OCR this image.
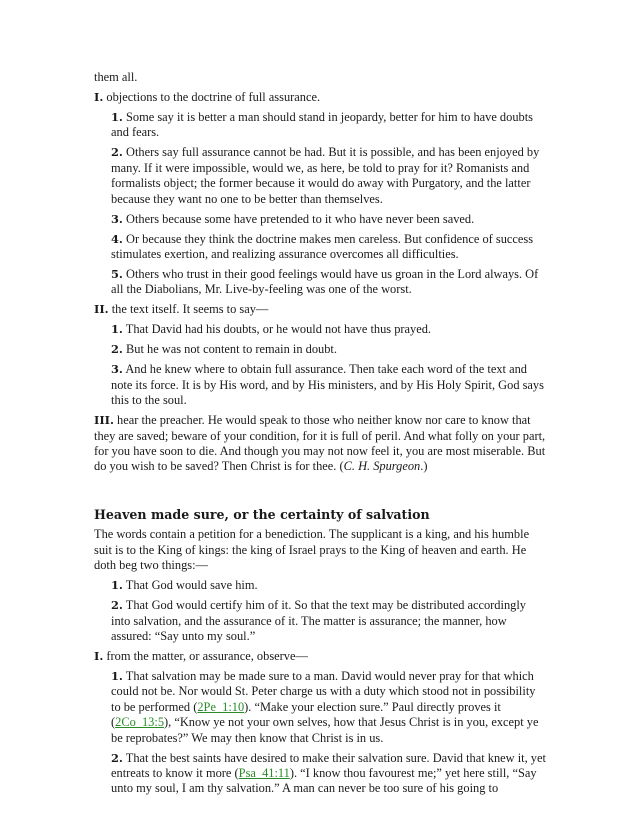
them all.

I. objections to the doctrine of full assurance.

1. Some say it is better a man should stand in jeopardy, better for him to have doubts and fears.

2. Others say full assurance cannot be had. But it is possible, and has been enjoyed by many. If it were impossible, would we, as here, be told to pray for it? Romanists and formalists object; the former because it would do away with Purgatory, and the latter because they want no one to be better than themselves.

3. Others because some have pretended to it who have never been saved.

4. Or because they think the doctrine makes men careless. But confidence of success stimulates exertion, and realizing assurance overcomes all difficulties.

5. Others who trust in their good feelings would have us groan in the Lord always. Of all the Diabolians, Mr. Live-by-feeling was one of the worst.

II. the text itself. It seems to say—

1. That David had his doubts, or he would not have thus prayed.

2. But he was not content to remain in doubt.

3. And he knew where to obtain full assurance. Then take each word of the text and note its force. It is by His word, and by His ministers, and by His Holy Spirit, God says this to the soul.

III. hear the preacher. He would speak to those who neither know nor care to know that they are saved; beware of your condition, for it is full of peril. And what folly on your part, for you have soon to die. And though you may not now feel it, you are most miserable. But do you wish to be saved? Then Christ is for thee. (C. H. Spurgeon.)

Heaven made sure, or the certainty of salvation

The words contain a petition for a benediction. The supplicant is a king, and his humble suit is to the King of kings: the king of Israel prays to the King of heaven and earth. He doth beg two things:—

1. That God would save him.

2. That God would certify him of it. So that the text may be distributed accordingly into salvation, and the assurance of it. The matter is assurance; the manner, how assured: “Say unto my soul.”

I. from the matter, or assurance, observe—

1. That salvation may be made sure to a man. David would never pray for that which could not be. Nor would St. Peter charge us with a duty which stood not in possibility to be performed (2Pe_1:10). “Make your election sure.” Paul directly proves it (2Co_13:5), “Know ye not your own selves, how that Jesus Christ is in you, except ye be reprobates?” We may then know that Christ is in us.

2. That the best saints have desired to make their salvation sure. David that knew it, yet entreats to know it more (Psa_41:11). “I know thou favourest me;” yet here still, “Say unto my soul, I am thy salvation.” A man can never be too sure of his going to
